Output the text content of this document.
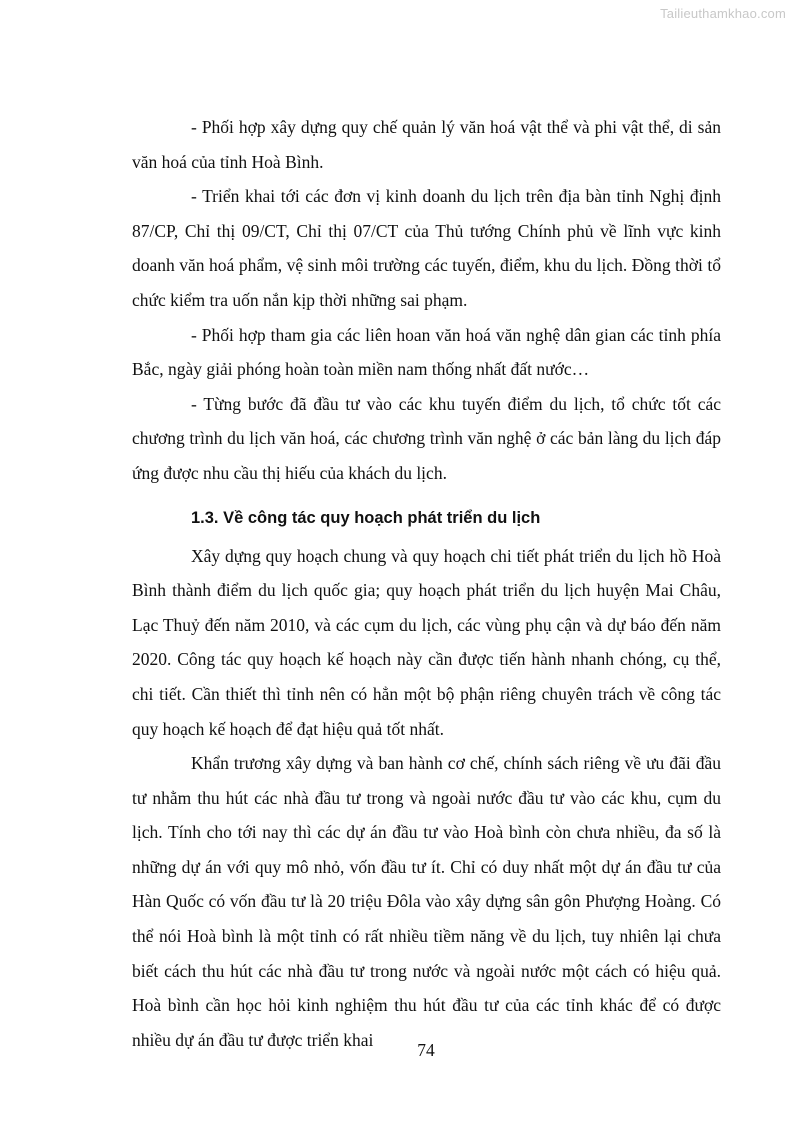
Tailieuthamkhao.com

- Phối hợp xây dựng quy chế quản lý văn hoá vật thể và phi vật thể, di sản văn hoá của tỉnh Hoà Bình.

- Triển khai tới các đơn vị kinh doanh du lịch trên địa bàn tỉnh Nghị định 87/CP, Chỉ thị 09/CT, Chỉ thị 07/CT của Thủ tướng Chính phủ về lĩnh vực kinh doanh văn hoá phẩm, vệ sinh môi trường các tuyến, điểm, khu du lịch. Đồng thời tổ chức kiểm tra uốn nắn kịp thời những sai phạm.

- Phối hợp tham gia các liên hoan văn hoá văn nghệ dân gian các tỉnh phía Bắc, ngày giải phóng hoàn toàn miền nam thống nhất đất nước…

- Từng bước đã đầu tư vào các khu tuyến điểm du lịch, tổ chức tốt các chương trình du lịch văn hoá, các chương trình văn nghệ ở các bản làng du lịch đáp ứng được nhu cầu thị hiếu của khách du lịch.

1.3. Về công tác quy hoạch phát triển du lịch

Xây dựng quy hoạch chung và quy hoạch chi tiết phát triển du lịch hồ Hoà Bình thành điểm du lịch quốc gia; quy hoạch phát triển du lịch huyện Mai Châu, Lạc Thuỷ đến năm 2010, và các cụm du lịch, các vùng phụ cận và dự báo đến năm 2020. Công tác quy hoạch kế hoạch này cần được tiến hành nhanh chóng, cụ thể, chi tiết. Cần thiết thì tỉnh nên có hẳn một bộ phận riêng chuyên trách về công tác quy hoạch kế hoạch để đạt hiệu quả tốt nhất.

Khẩn trương xây dựng và ban hành cơ chế, chính sách riêng về ưu đãi đầu tư nhằm thu hút các nhà đầu tư trong và ngoài nước đầu tư vào các khu, cụm du lịch. Tính cho tới nay thì các dự án đầu tư vào Hoà bình còn chưa nhiều, đa số là những dự án với quy mô nhỏ, vốn đầu tư ít. Chỉ có duy nhất một dự án đầu tư của Hàn Quốc có vốn đầu tư là 20 triệu Đôla vào xây dựng sân gôn Phượng Hoàng. Có thể nói Hoà bình là một tỉnh có rất nhiều tiềm năng về du lịch, tuy nhiên lại chưa biết cách thu hút các nhà đầu tư trong nước và ngoài nước một cách có hiệu quả. Hoà bình cần học hỏi kinh nghiệm thu hút đầu tư của các tỉnh khác để có được nhiều dự án đầu tư được triển khai

74
